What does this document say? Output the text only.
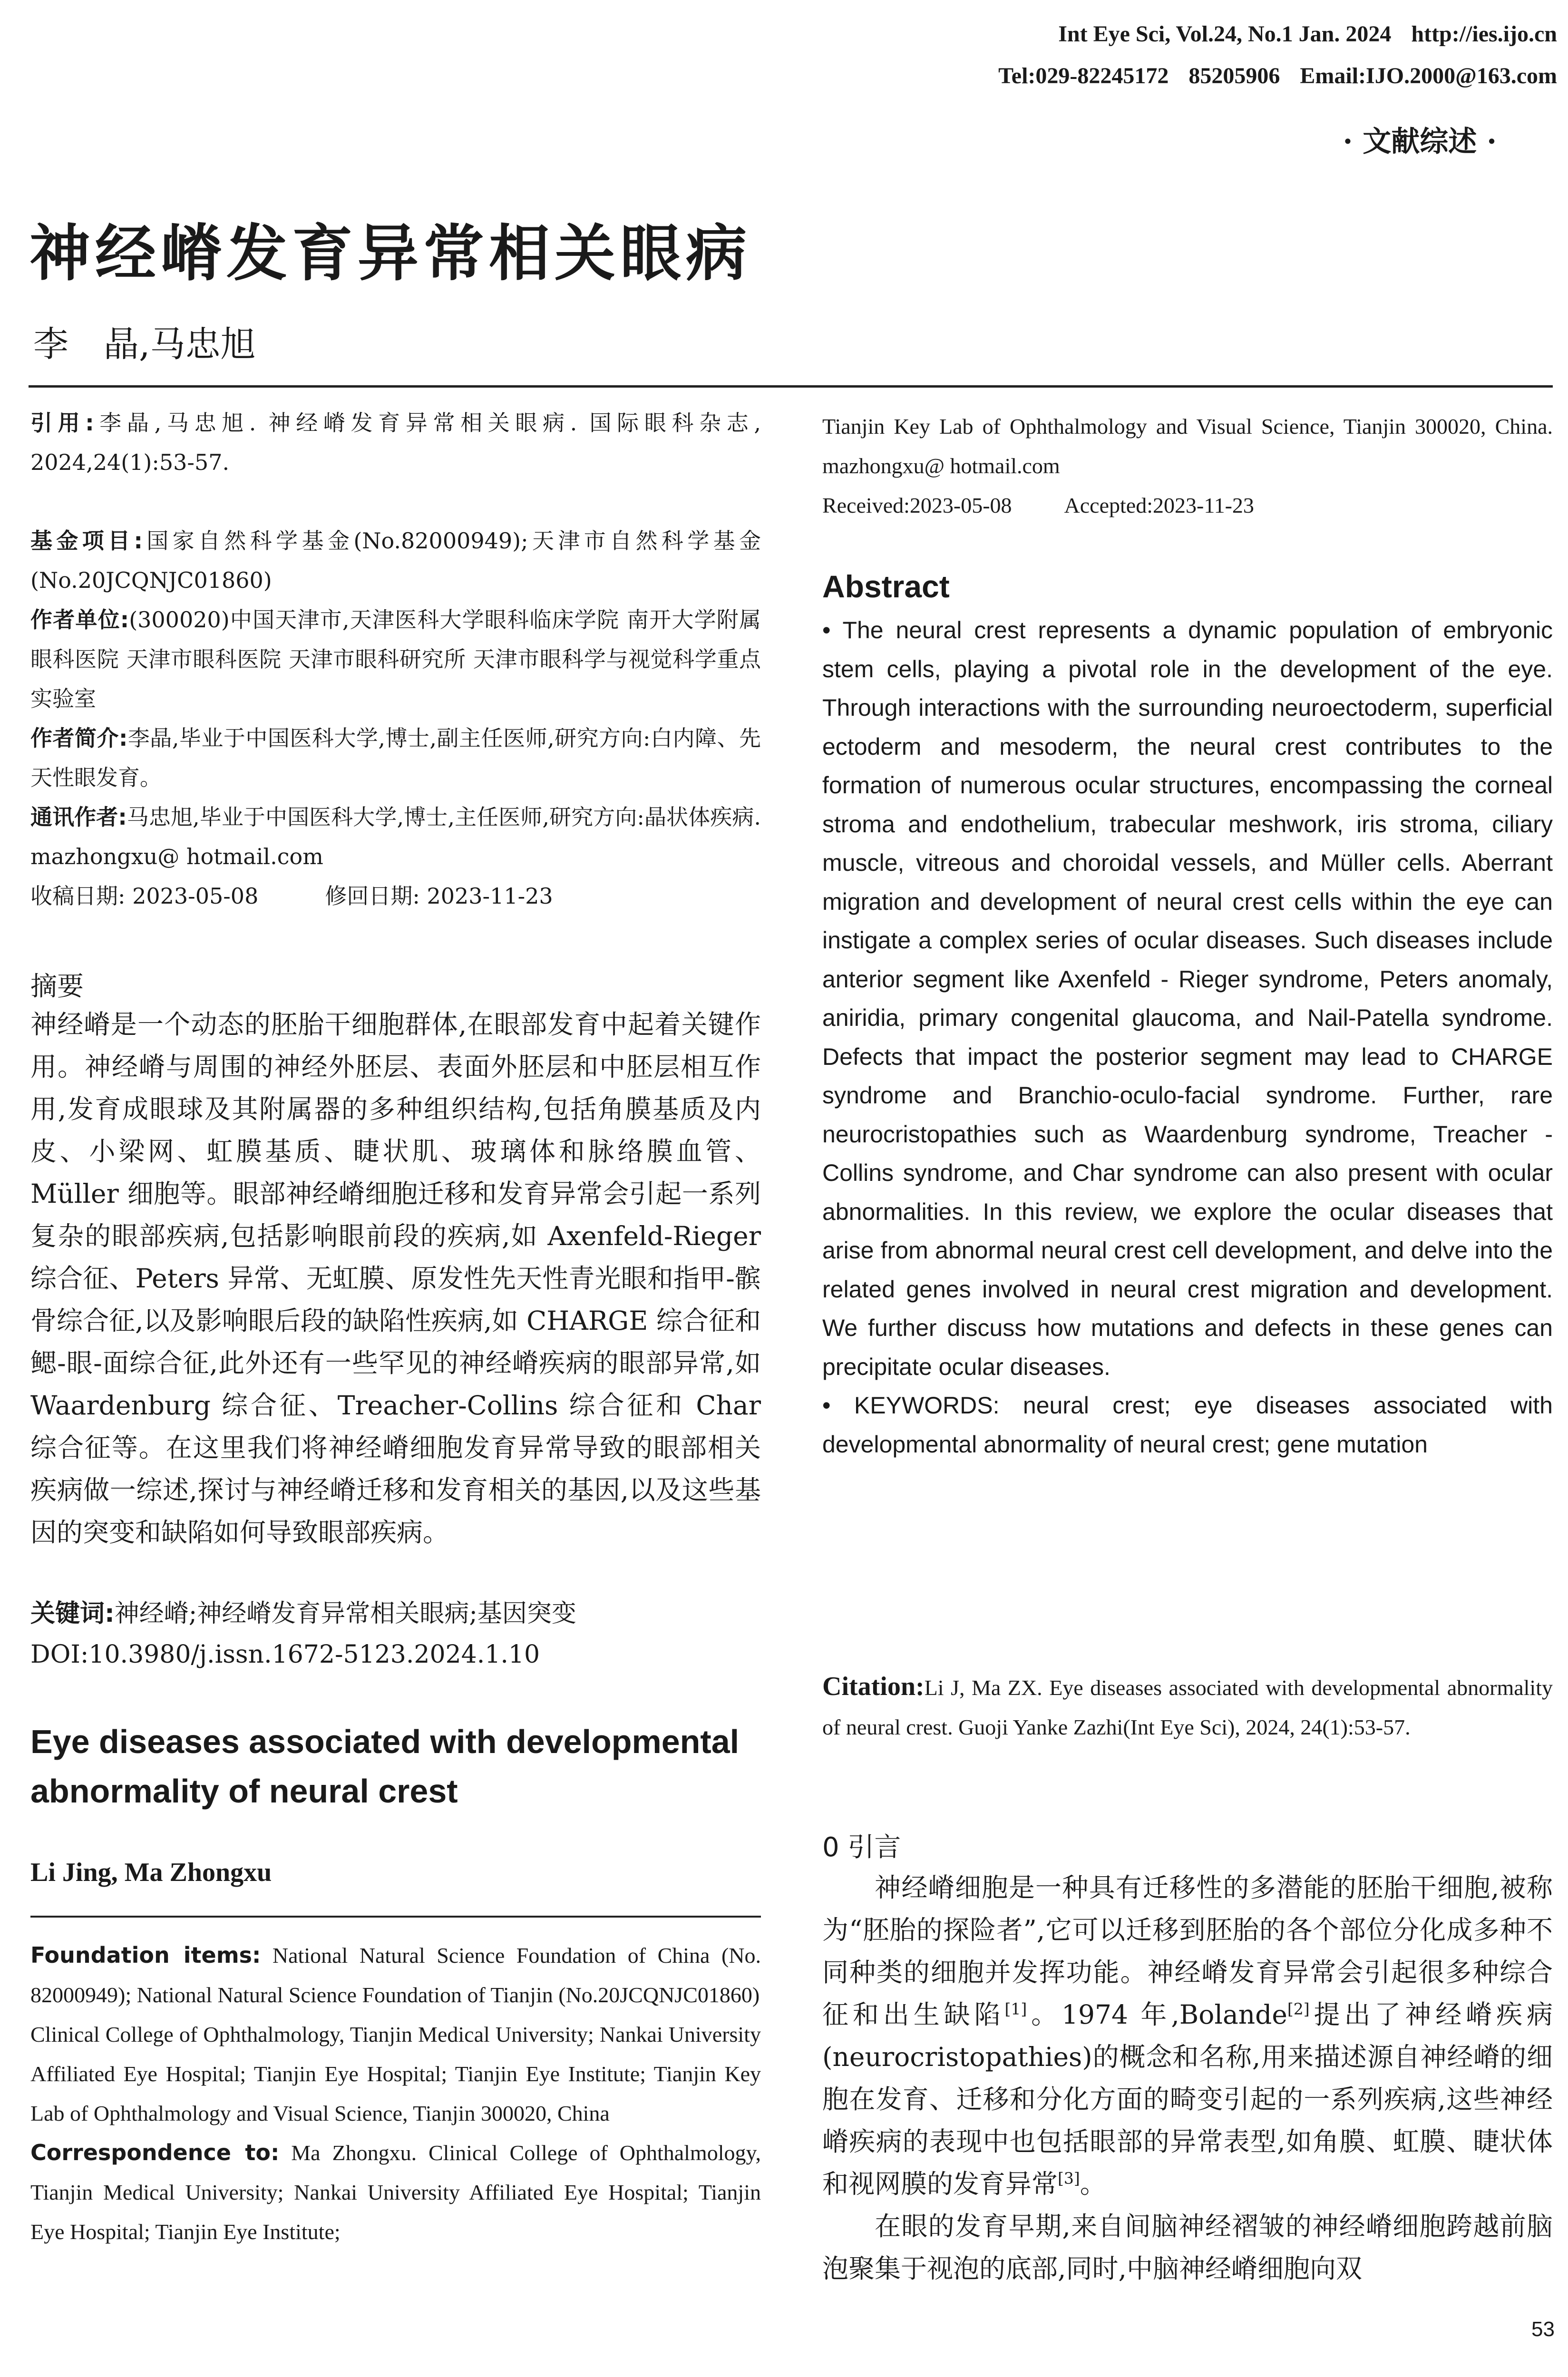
Int Eye Sci, Vol.24, No.1 Jan. 2024 http://ies.ijo.cn
Tel:029-82245172 85205906 Email:IJO.2000@163.com
· 文献综述 ·
神经嵴发育异常相关眼病
李　晶,马忠旭

引用:李晶,马忠旭. 神经嵴发育异常相关眼病. 国际眼科杂志, 2024,24(1):53-57.

基金项目:国家自然科学基金(No.82000949);天津市自然科学基金(No.20JCQNJC01860)

作者单位:(300020)中国天津市,天津医科大学眼科临床学院 南开大学附属眼科医院 天津市眼科医院 天津市眼科研究所 天津市眼科学与视觉科学重点实验室

作者简介:李晶,毕业于中国医科大学,博士,副主任医师,研究方向:白内障、先天性眼发育。

通讯作者:马忠旭,毕业于中国医科大学,博士,主任医师,研究方向:晶状体疾病. mazhongxu@ hotmail.com

收稿日期: 2023-05-08	修回日期: 2023-11-23

摘要
神经嵴是一个动态的胚胎干细胞群体,在眼部发育中起着关键作用。神经嵴与周围的神经外胚层、表面外胚层和中胚层相互作用,发育成眼球及其附属器的多种组织结构,包括角膜基质及内皮、小梁网、虹膜基质、睫状肌、玻璃体和脉络膜血管、Müller 细胞等。眼部神经嵴细胞迁移和发育异常会引起一系列复杂的眼部疾病,包括影响眼前段的疾病,如 Axenfeld-Rieger 综合征、Peters 异常、无虹膜、原发性先天性青光眼和指甲-髌骨综合征,以及影响眼后段的缺陷性疾病,如 CHARGE 综合征和鳃-眼-面综合征,此外还有一些罕见的神经嵴疾病的眼部异常,如 Waardenburg 综合征、Treacher-Collins 综合征和 Char 综合征等。在这里我们将神经嵴细胞发育异常导致的眼部相关疾病做一综述,探讨与神经嵴迁移和发育相关的基因,以及这些基因的突变和缺陷如何导致眼部疾病。

关键词:神经嵴;神经嵴发育异常相关眼病;基因突变

DOI:10.3980/j.issn.1672-5123.2024.1.10

Eye diseases associated with developmental abnormality of neural crest
Li Jing, Ma Zhongxu

Foundation items: National Natural Science Foundation of China (No. 82000949); National Natural Science Foundation of Tianjin (No.20JCQNJC01860)

Clinical College of Ophthalmology, Tianjin Medical University; Nankai University Affiliated Eye Hospital; Tianjin Eye Hospital; Tianjin Eye Institute; Tianjin Key Lab of Ophthalmology and Visual Science, Tianjin 300020, China

Correspondence to: Ma Zhongxu. Clinical College of Ophthalmology, Tianjin Medical University; Nankai University Affiliated Eye Hospital; Tianjin Eye Hospital; Tianjin Eye Institute;

Tianjin Key Lab of Ophthalmology and Visual Science, Tianjin 300020, China. mazhongxu@ hotmail.com

Received:2023-05-08 Accepted:2023-11-23

Abstract

• The neural crest represents a dynamic population of embryonic stem cells, playing a pivotal role in the development of the eye. Through interactions with the surrounding neuroectoderm, superficial ectoderm and mesoderm, the neural crest contributes to the formation of numerous ocular structures, encompassing the corneal stroma and endothelium, trabecular meshwork, iris stroma, ciliary muscle, vitreous and choroidal vessels, and Müller cells. Aberrant migration and development of neural crest cells within the eye can instigate a complex series of ocular diseases. Such diseases include anterior segment like Axenfeld - Rieger syndrome, Peters anomaly, aniridia, primary congenital glaucoma, and Nail-Patella syndrome. Defects that impact the posterior segment may lead to CHARGE syndrome and Branchio-oculo-facial syndrome. Further, rare neurocristopathies such as Waardenburg syndrome, Treacher - Collins syndrome, and Char syndrome can also present with ocular abnormalities. In this review, we explore the ocular diseases that arise from abnormal neural crest cell development, and delve into the related genes involved in neural crest migration and development. We further discuss how mutations and defects in these genes can precipitate ocular diseases.

• KEYWORDS: neural crest; eye diseases associated with developmental abnormality of neural crest; gene mutation

Citation:Li J, Ma ZX. Eye diseases associated with developmental abnormality of neural crest. Guoji Yanke Zazhi(Int Eye Sci), 2024, 24(1):53-57.

0 引言

神经嵴细胞是一种具有迁移性的多潜能的胚胎干细胞,被称为“胚胎的探险者”,它可以迁移到胚胎的各个部位分化成多种不同种类的细胞并发挥功能。神经嵴发育异常会引起很多种综合征和出生缺陷[1]。1974 年,Bolande[2]提出了神经嵴疾病(neurocristopathies)的概念和名称,用来描述源自神经嵴的细胞在发育、迁移和分化方面的畸变引起的一系列疾病,这些神经嵴疾病的表现中也包括眼部的异常表型,如角膜、虹膜、睫状体和视网膜的发育异常[3]。

在眼的发育早期,来自间脑神经褶皱的神经嵴细胞跨越前脑泡聚集于视泡的底部,同时,中脑神经嵴细胞向双

53
